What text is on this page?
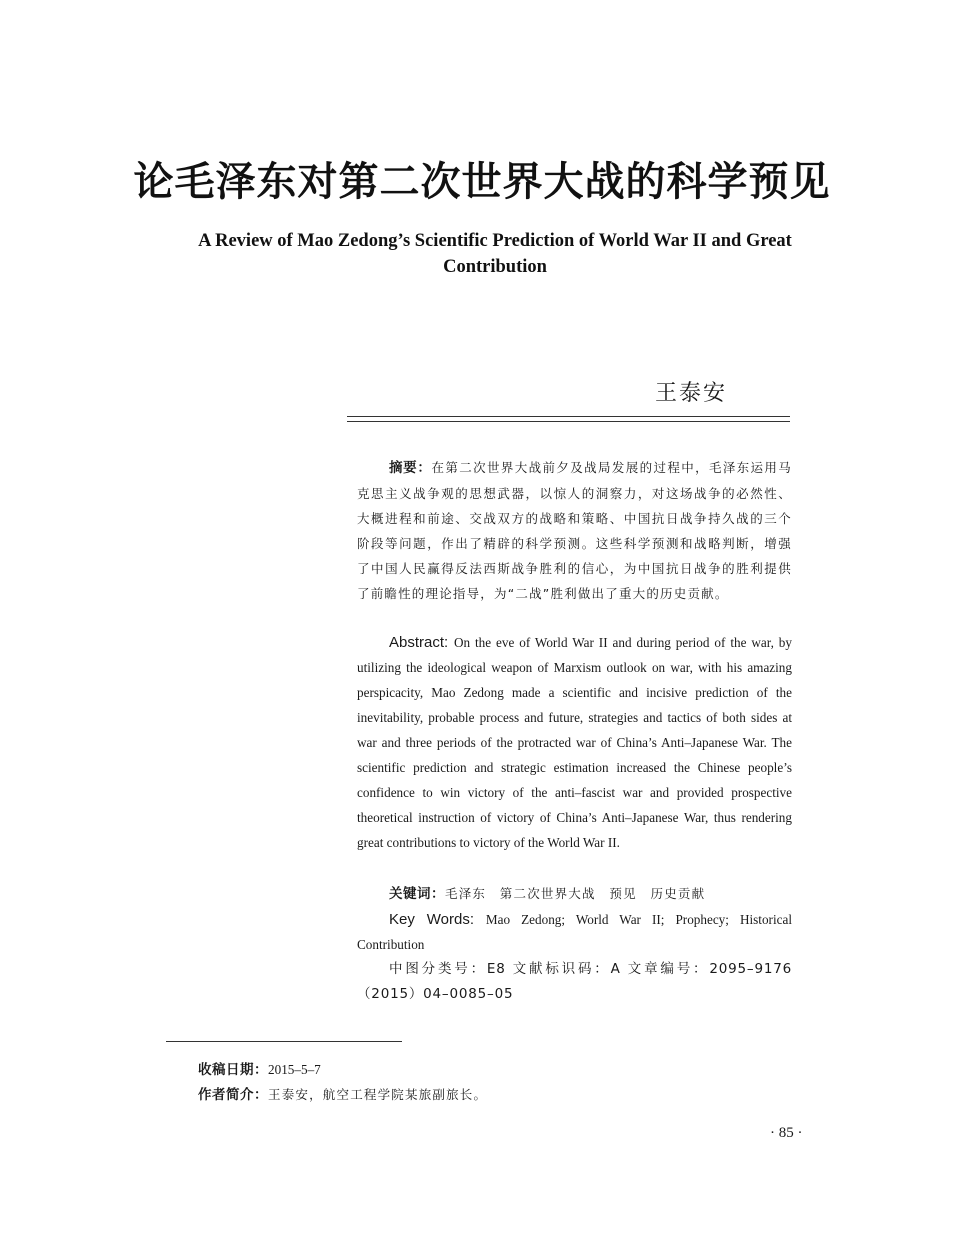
论毛泽东对第二次世界大战的科学预见
A Review of Mao Zedong’s Scientific Prediction of World War II and Great Contribution
王泰安
摘要：在第二次世界大战前夕及战局发展的过程中，毛泽东运用马克思主义战争观的思想武器，以惊人的洞察力，对这场战争的必然性、大概进程和前途、交战双方的战略和策略、中国抗日战争持久战的三个阶段等问题，作出了精辟的科学预测。这些科学预测和战略判断，增强了中国人民赢得反法西斯战争胜利的信心，为中国抗日战争的胜利提供了前瞻性的理论指导，为“二战”胜利做出了重大的历史贡献。
Abstract: On the eve of World War II and during period of the war, by utilizing the ideological weapon of Marxism outlook on war, with his amazing perspicacity, Mao Zedong made a scientific and incisive prediction of the inevitability, probable process and future, strategies and tactics of both sides at war and three periods of the protracted war of China’s Anti–Japanese War. The scientific prediction and strategic estimation increased the Chinese people’s confidence to win victory of the anti–fascist war and provided prospective theoretical instruction of victory of China’s Anti–Japanese War, thus rendering great contributions to victory of the World War II.
关键词：毛泽东　第二次世界大战　预见　历史贡献
Key Words: Mao Zedong; World War II; Prophecy; Historical Contribution
中图分类号：E8 文献标识码：A 文章编号：2095–9176（2015）04–0085–05
收稿日期：2015–5–7
作者简介：王泰安，航空工程学院某旅副旅长。
· 85 ·
